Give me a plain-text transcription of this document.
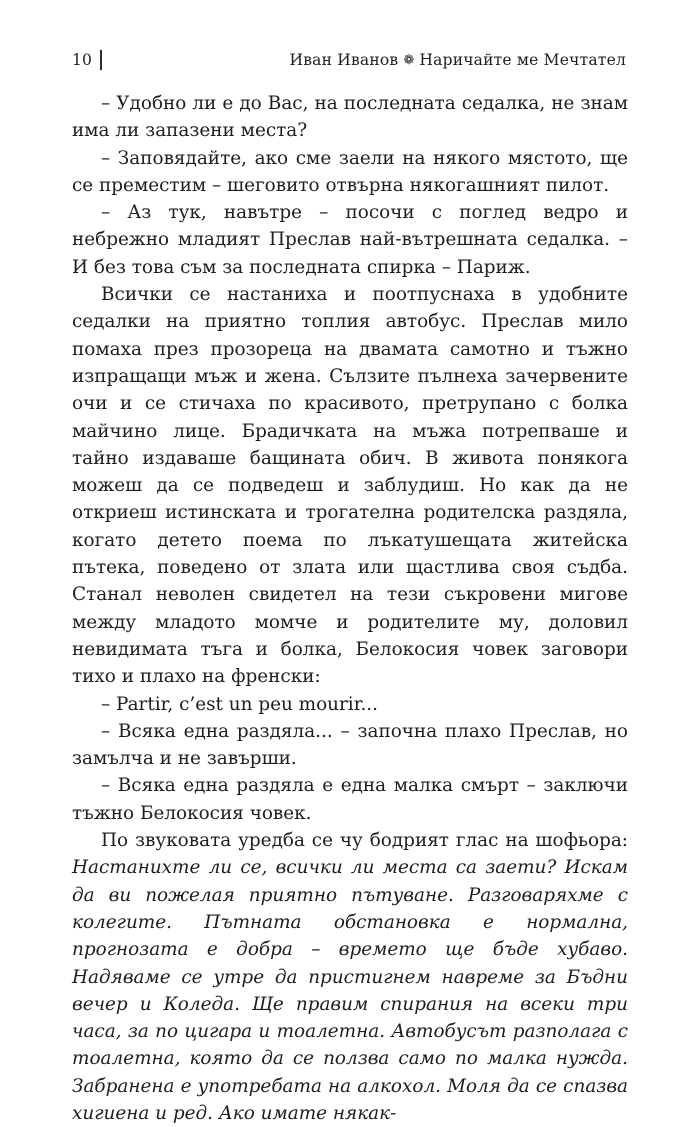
10	Иван Иванов ❁ Наричайте ме Мечтател

– Удобно ли е до Вас, на последната седалка, не знам има ли запазени места?

– Заповядайте, ако сме заели на някого мястото, ще се преместим – шеговито отвърна някогашният пилот.

– Аз тук, навътре – посочи с поглед ведро и небрежно младият Преслав най-вътрешната седалка. – И без това съм за последната спирка – Париж.

Всички се настаниха и поотпуснаха в удобните седалки на приятно топлия автобус. Преслав мило помаха през прозореца на двамата самотно и тъжно изпращащи мъж и жена. Сълзите пълнеха зачервените очи и се стичаха по красивото, претрупано с болка майчино лице. Брадичката на мъжа потрепваше и тайно издаваше бащината обич. В живота понякога можеш да се подведеш и заблудиш. Но как да не откриеш истинската и трогателна родителска раздяла, когато детето поема по лъкатушещата житейска пътека, поведено от злата или щастлива своя съдба. Станал неволен свидетел на тези съкровени мигове между младото момче и родителите му, доловил невидимата тъга и болка, Белокосия човек заговори тихо и плахо на френски:

– Partir, c’est un peu mourir...

– Всяка една раздяла... – започна плахо Преслав, но замълча и не завърши.

– Всяка една раздяла е една малка смърт – заключи тъжно Белокосия човек.

По звуковата уредба се чу бодрият глас на шофьора: Настанихте ли се, всички ли места са заети? Искам да ви пожелая приятно пътуване. Разговаряхме с колегите. Пътната обстановка е нормална, прогнозата е добра – времето ще бъде хубаво. Надяваме се утре да пристигнем навреме за Бъдни вечер и Коледа. Ще правим спирания на всеки три часа, за по цигара и тоалетна. Автобусът разполага с тоалетна, която да се ползва само по малка нужда. Забранена е употребата на алкохол. Моля да се спазва хигиена и ред. Ако имате някак-
